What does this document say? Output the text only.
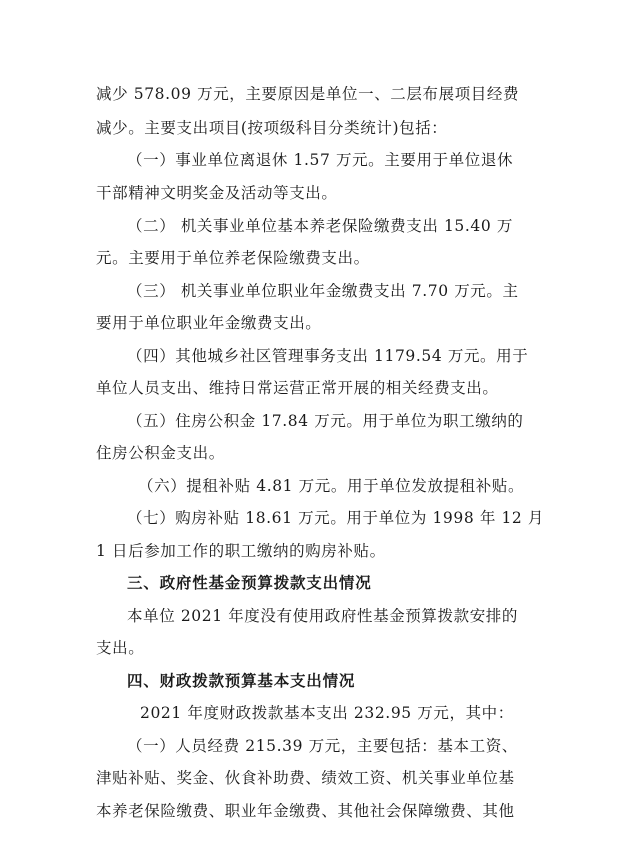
减少 578.09 万元，主要原因是单位一、二层布展项目经费
减少。主要支出项目(按项级科目分类统计)包括：
（一）事业单位离退休 1.57 万元。主要用于单位退休
干部精神文明奖金及活动等支出。
（二） 机关事业单位基本养老保险缴费支出 15.40 万
元。主要用于单位养老保险缴费支出。
（三） 机关事业单位职业年金缴费支出 7.70 万元。主
要用于单位职业年金缴费支出。
（四）其他城乡社区管理事务支出 1179.54 万元。用于
单位人员支出、维持日常运营正常开展的相关经费支出。
（五）住房公积金 17.84 万元。用于单位为职工缴纳的
住房公积金支出。
（六）提租补贴 4.81 万元。用于单位发放提租补贴。
（七）购房补贴 18.61 万元。用于单位为 1998 年 12 月
1 日后参加工作的职工缴纳的购房补贴。
三、政府性基金预算拨款支出情况
本单位 2021 年度没有使用政府性基金预算拨款安排的
支出。
四、财政拨款预算基本支出情况
2021 年度财政拨款基本支出 232.95 万元，其中：
（一）人员经费 215.39 万元，主要包括：基本工资、
津贴补贴、奖金、伙食补助费、绩效工资、机关事业单位基
本养老保险缴费、职业年金缴费、其他社会保障缴费、其他
